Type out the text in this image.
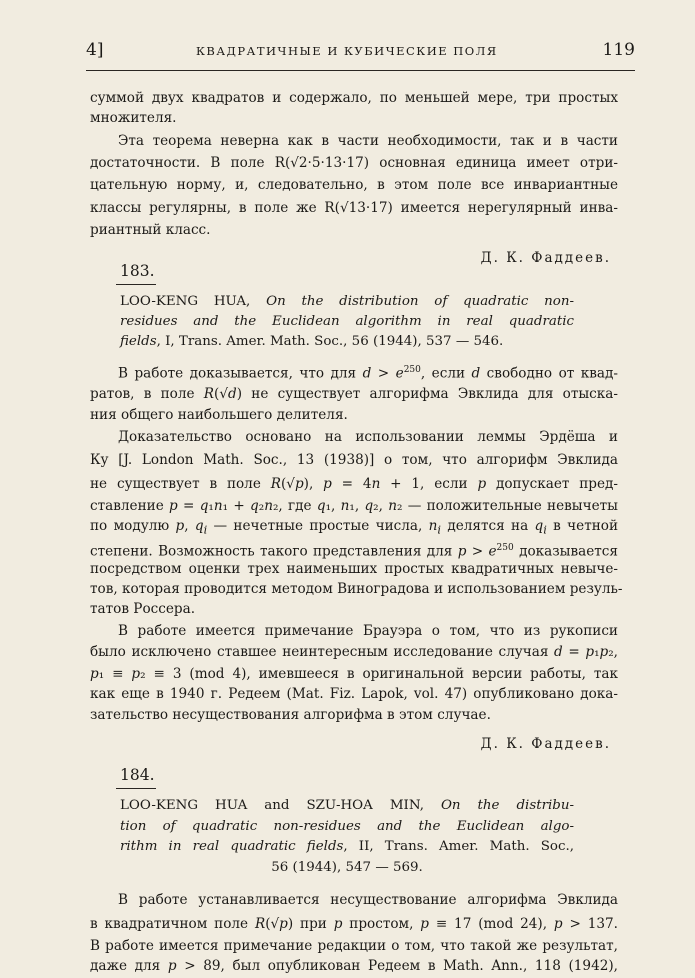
4]	КВАДРАТИЧНЫЕ И КУБИЧЕСКИЕ ПОЛЯ	119
суммой двух квадратов и содержало, по меньшей мере, три простых
множителя.
Эта теорема неверна как в части необходимости, так и в части
достаточности. В поле R(√2·5·13·17) основная единица имеет отри-
цательную норму, и, следовательно, в этом поле все инвариантные
классы регулярны, в поле же R(√13·17) имеется нерегулярный инва-
риантный класс.
Д. К. Фаддеев.
183.
LOO-KENG HUA, On the distribution of quadratic non-
residues and the Euclidean algorithm in real quadratic
fields, I, Trans. Amer. Math. Soc., 56 (1944), 537 — 546.
В работе доказывается, что для $d > e^{250}$, если d свободно от квад-
ратов, в поле R(√d) не существует алгорифма Эвклида для отыска-
ния общего наибольшего делителя.
Доказательство основано на использовании леммы Эрдёша и
Ку [J. London Math. Soc., 13 (1938)] о том, что алгорифм Эвклида
не существует в поле R(√p), p = 4n + 1, если p допускает пред-
ставление p = q₁n₁ + q₂n₂, где q₁, n₁, q₂, n₂ — положительные невычеты
по модулю p, $q_i$ — нечетные простые числа, $n_i$ делятся на $q_i$ в четной
степени. Возможность такого представления для $p > e^{250}$ доказывается
посредством оценки трех наименьших простых квадратичных невыче-
тов, которая проводится методом Виноградова и использованием резуль-
татов Россера.
В работе имеется примечание Брауэра о том, что из рукописи
было исключено ставшее неинтересным исследование случая d = p₁p₂,
p₁ ≡ p₂ ≡ 3 (mod 4), имевшееся в оригинальной версии работы, так
как еще в 1940 г. Редеем (Mat. Fiz. Lapok, vol. 47) опубликовано дока-
зательство несуществования алгорифма в этом случае.
Д. К. Фаддеев.
184.
LOO-KENG HUA and SZU-HOA MIN, On the distribu-
tion of quadratic non-residues and the Euclidean algo-
rithm in real quadratic fields, II, Trans. Amer. Math. Soc.,
56 (1944), 547 — 569.
В работе устанавливается несуществование алгорифма Эвклида
в квадратичном поле R(√p) при p простом, p ≡ 17 (mod 24), p > 137.
В работе имеется примечание редакции о том, что такой же результат,
даже для p > 89, был опубликован Редеем в Math. Ann., 118 (1942),
